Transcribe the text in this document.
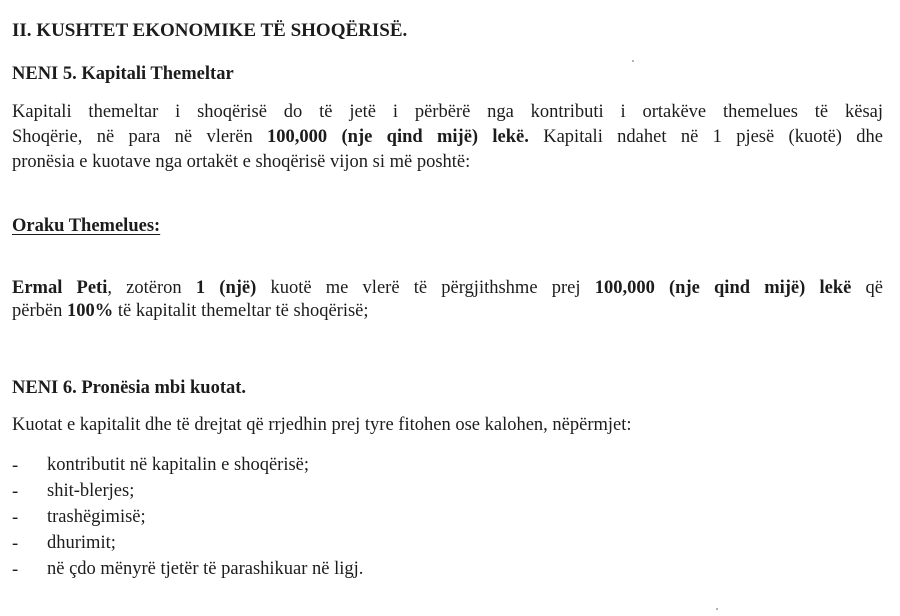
II. KUSHTET EKONOMIKE TË SHOQËRISË.
NENI 5. Kapitali Themeltar
Kapitali themeltar i shoqërisë do të jetë i përbërë nga kontributi i ortakëve themelues të kësaj
Shoqërie, në para në vlerën 100,000 (nje qind mijë) lekë. Kapitali ndahet në 1 pjesë (kuotë) dhe
pronësia e kuotave nga ortakët e shoqërisë vijon si më poshtë:
Oraku Themelues:
Ermal Peti, zotëron 1 (një) kuotë me vlerë të përgjithshme prej 100,000 (nje qind mijë) lekë që
përbën 100% të kapitalit themeltar të shoqërisë;
NENI 6. Pronësia mbi kuotat.
Kuotat e kapitalit dhe të drejtat që rrjedhin prej tyre fitohen ose kalohen, nëpërmjet:
- kontributit në kapitalin e shoqërisë;
- shit-blerjes;
- trashëgimisë;
- dhurimit;
- në çdo mënyrë tjetër të parashikuar në ligj.
